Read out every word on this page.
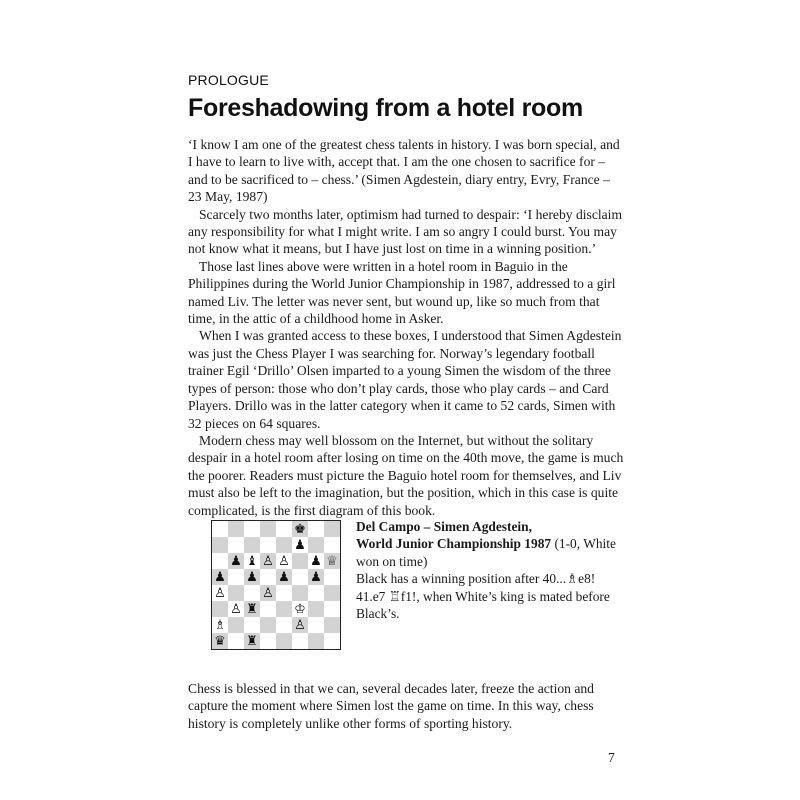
PROLOGUE
Foreshadowing from a hotel room

‘I know I am one of the greatest chess talents in history. I was born special, and I have to learn to live with, accept that. I am the one chosen to sacrifice for – and to be sacrificed to – chess.’ (Simen Agdestein, diary entry, Evry, France – 23 May, 1987)

Scarcely two months later, optimism had turned to despair: ‘I hereby disclaim any responsibility for what I might write. I am so angry I could burst. You may not know what it means, but I have just lost on time in a winning position.’

Those last lines above were written in a hotel room in Baguio in the Philippines during the World Junior Championship in 1987, addressed to a girl named Liv. The letter was never sent, but wound up, like so much from that time, in the attic of a childhood home in Asker.

When I was granted access to these boxes, I understood that Simen Agdestein was just the Chess Player I was searching for. Norway’s legendary football trainer Egil ‘Drillo’ Olsen imparted to a young Simen the wisdom of the three types of person: those who don’t play cards, those who play cards – and Card Players. Drillo was in the latter category when it came to 52 cards, Simen with 32 pieces on 64 squares.

Modern chess may well blossom on the Internet, but without the solitary despair in a hotel room after losing on time on the 40th move, the game is much the poorer. Readers must picture the Baguio hotel room for themselves, and Liv must also be left to the imagination, but the position, which in this case is quite complicated, is the first diagram of this book.

♚
♟
♟ ♝ ♙ ♙ ♟ ♕
♟ ♟ ♟ ♟
♙	♙
♙ ♜	♔
♗	♙
♛ ♜
Del Campo – Simen Agdestein,
World Junior Championship 1987 (1-0, White
won on time)
Black has a winning position after 40...♗e8!
41.e7 ♖f1!, when White’s king is mated before
Black’s.

Chess is blessed in that we can, several decades later, freeze the action and capture the moment where Simen lost the game on time. In this way, chess history is completely unlike other forms of sporting history.

7
